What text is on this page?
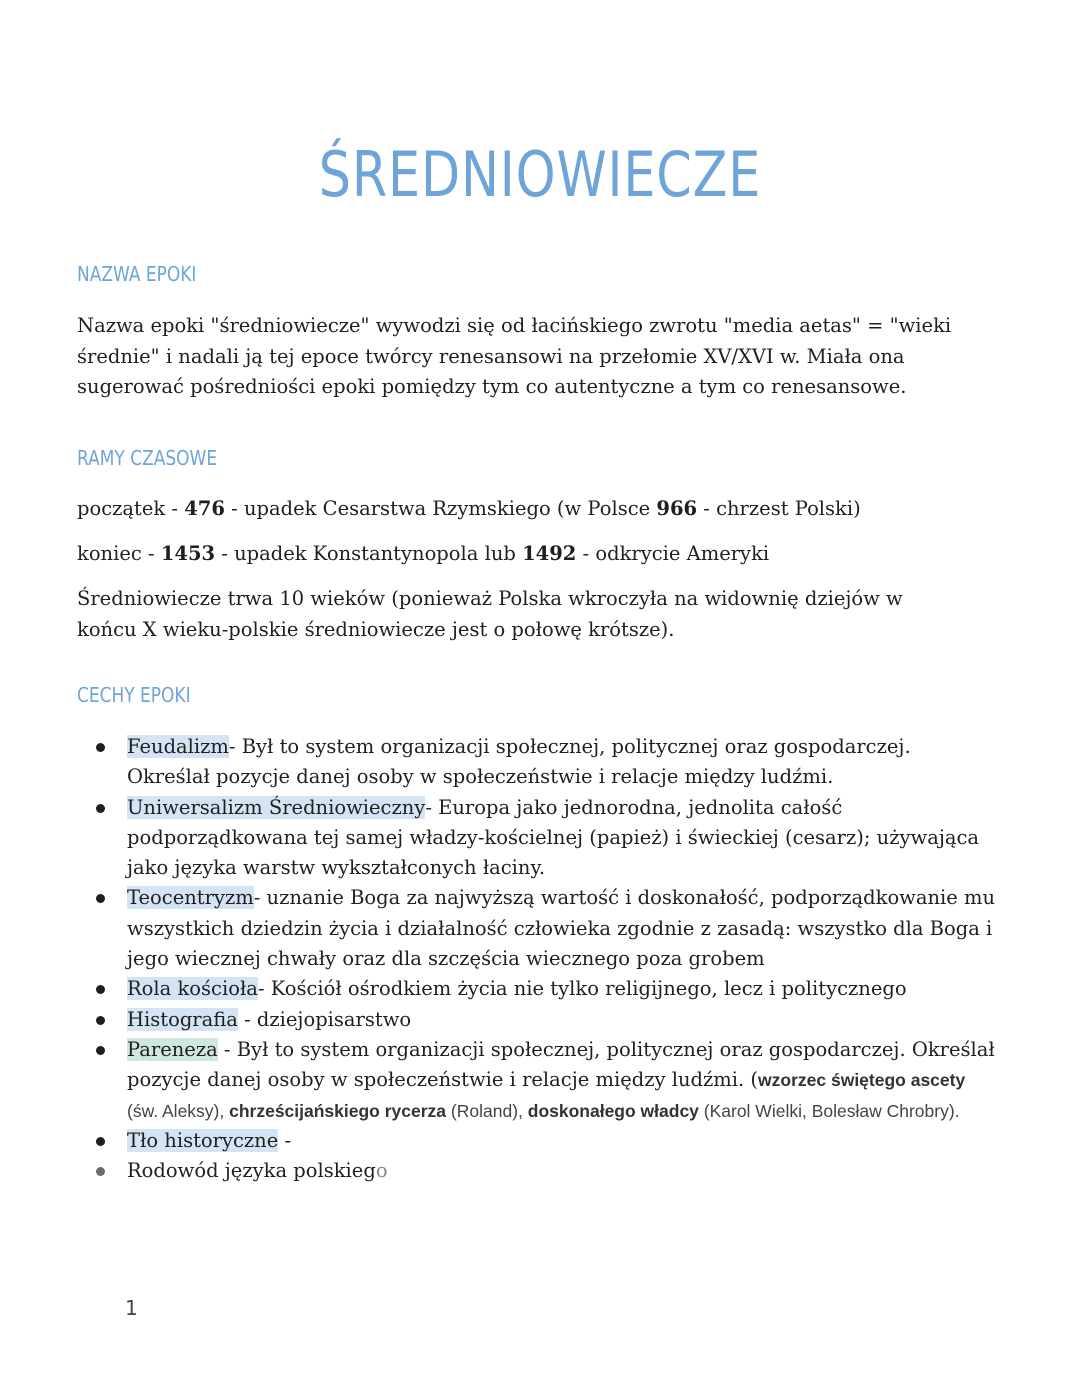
ŚREDNIOWIECZE
NAZWA EPOKI
Nazwa epoki "średniowiecze" wywodzi się od łacińskiego zwrotu "media aetas" = "wieki średnie" i nadali ją tej epoce twórcy renesansowi na przełomie XV/XVI w. Miała ona sugerować pośredniości epoki pomiędzy tym co autentyczne a tym co renesansowe.
RAMY CZASOWE
początek - 476 - upadek Cesarstwa Rzymskiego (w Polsce 966 - chrzest Polski)
koniec - 1453 - upadek Konstantynopola lub 1492 - odkrycie Ameryki
Średniowiecze trwa 10 wieków (ponieważ Polska wkroczyła na widownię dziejów w końcu X wieku-polskie średniowiecze jest o połowę krótsze).
CECHY EPOKI
Feudalizm- Był to system organizacji społecznej, politycznej oraz gospodarczej. Określał pozycje danej osoby w społeczeństwie i relacje między ludźmi.
Uniwersalizm Średniowieczny- Europa jako jednorodna, jednolita całość podporządkowana tej samej władzy-kościelnej (papież) i świeckiej (cesarz); używająca jako języka warstw wykształconych łaciny.
Teocentryzm- uznanie Boga za najwyższą wartość i doskonałość, podporządkowanie mu wszystkich dziedzin życia i działalność człowieka zgodnie z zasadą: wszystko dla Boga i jego wiecznej chwały oraz dla szczęścia wiecznego poza grobem
Rola kościoła- Kościół ośrodkiem życia nie tylko religijnego, lecz i politycznego
Histografia - dziejopisarstwo
Pareneza - Był to system organizacji społecznej, politycznej oraz gospodarczej. Określał pozycje danej osoby w społeczeństwie i relacje między ludźmi. (wzorzec świętego ascety (św. Aleksy), chrześcijańskiego rycerza (Roland), doskonałego władcy (Karol Wielki, Bolesław Chrobry).
Tło historyczne -
Rodowód języka polskiego
1
